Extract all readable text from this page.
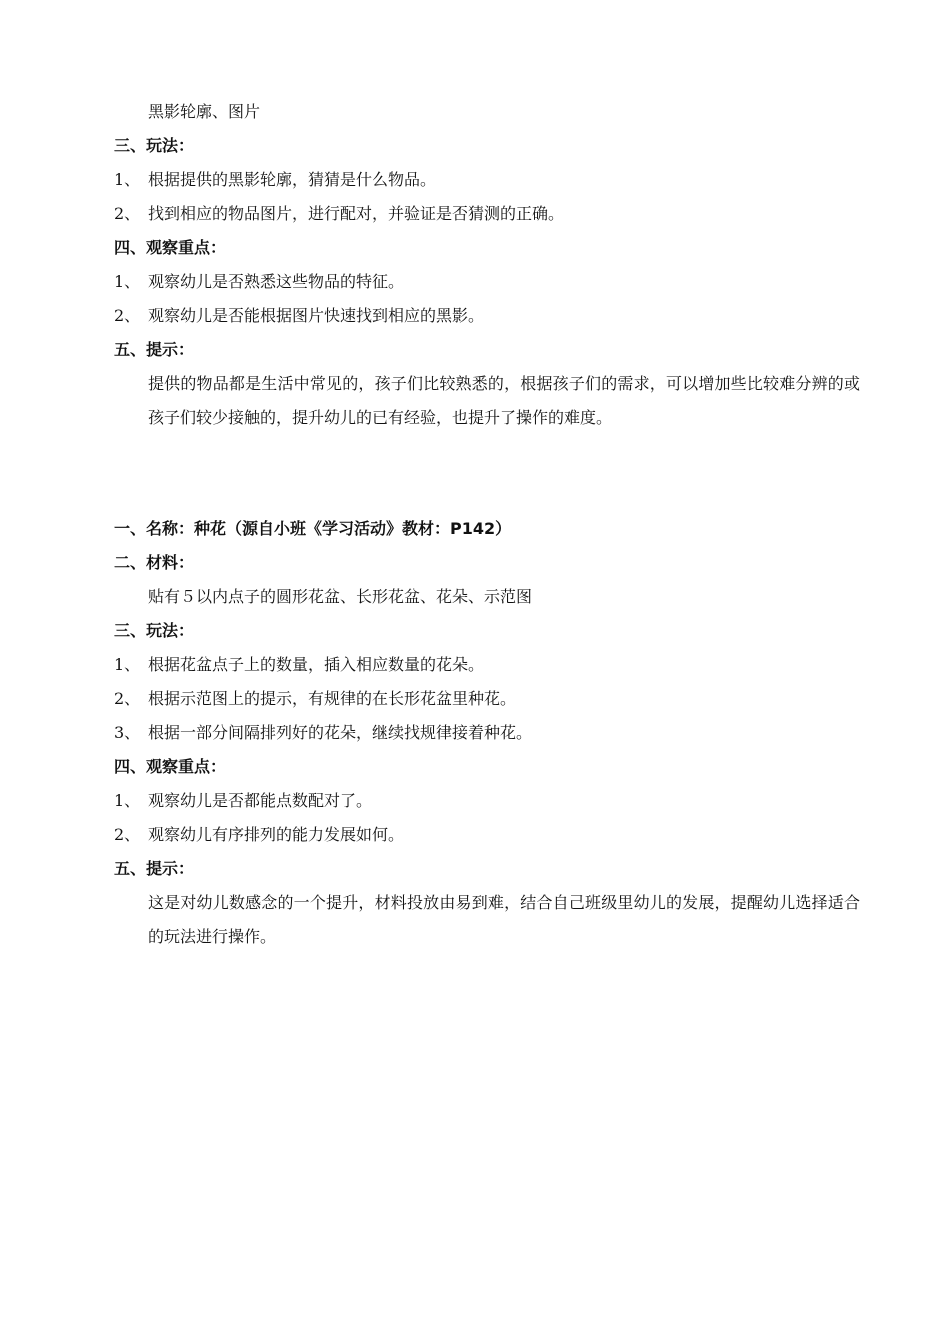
黑影轮廓、图片
三、玩法：
1、 根据提供的黑影轮廓，猜猜是什么物品。
2、 找到相应的物品图片，进行配对，并验证是否猜测的正确。
四、观察重点：
1、 观察幼儿是否熟悉这些物品的特征。
2、 观察幼儿是否能根据图片快速找到相应的黑影。
五、提示：
提供的物品都是生活中常见的，孩子们比较熟悉的，根据孩子们的需求，可以增加些比较难分辨的或孩子们较少接触的，提升幼儿的已有经验，也提升了操作的难度。
一、名称：种花（源自小班《学习活动》教材：P142）
二、材料：
贴有５以内点子的圆形花盆、长形花盆、花朵、示范图
三、玩法：
1、 根据花盆点子上的数量，插入相应数量的花朵。
2、 根据示范图上的提示，有规律的在长形花盆里种花。
3、 根据一部分间隔排列好的花朵，继续找规律接着种花。
四、观察重点：
1、 观察幼儿是否都能点数配对了。
2、 观察幼儿有序排列的能力发展如何。
五、提示：
这是对幼儿数感念的一个提升，材料投放由易到难，结合自己班级里幼儿的发展，提醒幼儿选择适合的玩法进行操作。
